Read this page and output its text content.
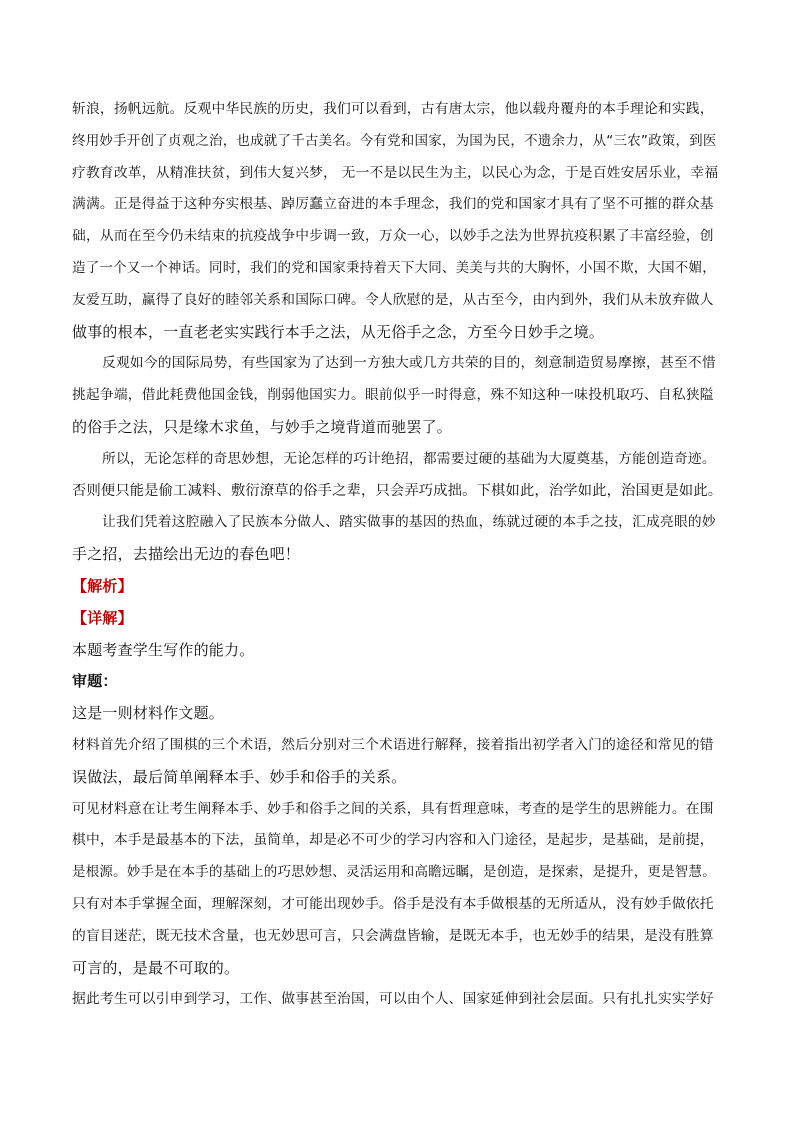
斩浪，扬帆远航。反观中华民族的历史，我们可以看到，古有唐太宗，他以载舟覆舟的本手理论和实践，

终用妙手开创了贞观之治，也成就了千古美名。今有党和国家，为国为民，不遗余力，从“三农”政策，到医

疗教育改革，从精准扶贫，到伟大复兴梦， 无一不是以民生为主，以民心为念，于是百姓安居乐业，幸福

满满。正是得益于这种夯实根基、踔厉蠢立奋进的本手理念，我们的党和国家才具有了坚不可摧的群众基

础，从而在至今仍未结束的抗疫战争中步调一致，万众一心，以妙手之法为世界抗疫积累了丰富经验，创

造了一个又一个神话。同时，我们的党和国家秉持着天下大同、美美与共的大胸怀，小国不欺，大国不媚，

友爱互助，赢得了良好的睦邻关系和国际口碑。令人欣慰的是，从古至今，由内到外，我们从未放弃做人

做事的根本，一直老老实实践行本手之法，从无俗手之念，方至今日妙手之境。

反观如今的国际局势，有些国家为了达到一方独大或几方共荣的目的，刻意制造贸易摩擦，甚至不惜

挑起争端，借此耗费他国金钱，削弱他国实力。眼前似乎一时得意，殊不知这种一味投机取巧、自私狭隘

的俗手之法，只是缘木求鱼，与妙手之境背道而驰罢了。

所以，无论怎样的奇思妙想，无论怎样的巧计绝招，都需要过硬的基础为大厦奠基，方能创造奇迹。

否则便只能是偷工减料、敷衍潦草的俗手之辈，只会弄巧成拙。下棋如此，治学如此，治国更是如此。

让我们凭着这腔融入了民族本分做人、踏实做事的基因的热血，练就过硬的本手之技，汇成亮眼的妙

手之招，去描绘出无边的春色吧！

【解析】

【详解】

本题考查学生写作的能力。

审题：

这是一则材料作文题。

材料首先介绍了围棋的三个术语，然后分别对三个术语进行解释，接着指出初学者入门的途径和常见的错

误做法，最后简单阐释本手、妙手和俗手的关系。

可见材料意在让考生阐释本手、妙手和俗手之间的关系，具有哲理意味，考查的是学生的思辨能力。在围

棋中，本手是最基本的下法，虽简单，却是必不可少的学习内容和入门途径，是起步，是基础，是前提，

是根源。妙手是在本手的基础上的巧思妙想、灵活运用和高瞻远瞩，是创造，是探索，是提升，更是智慧。

只有对本手掌握全面，理解深刻，才可能出现妙手。俗手是没有本手做根基的无所适从，没有妙手做依托

的盲目迷茫，既无技术含量，也无妙思可言，只会满盘皆输，是既无本手，也无妙手的结果，是没有胜算

可言的，是最不可取的。

据此考生可以引申到学习，工作、做事甚至治国，可以由个人、国家延伸到社会层面。只有扎扎实实学好
